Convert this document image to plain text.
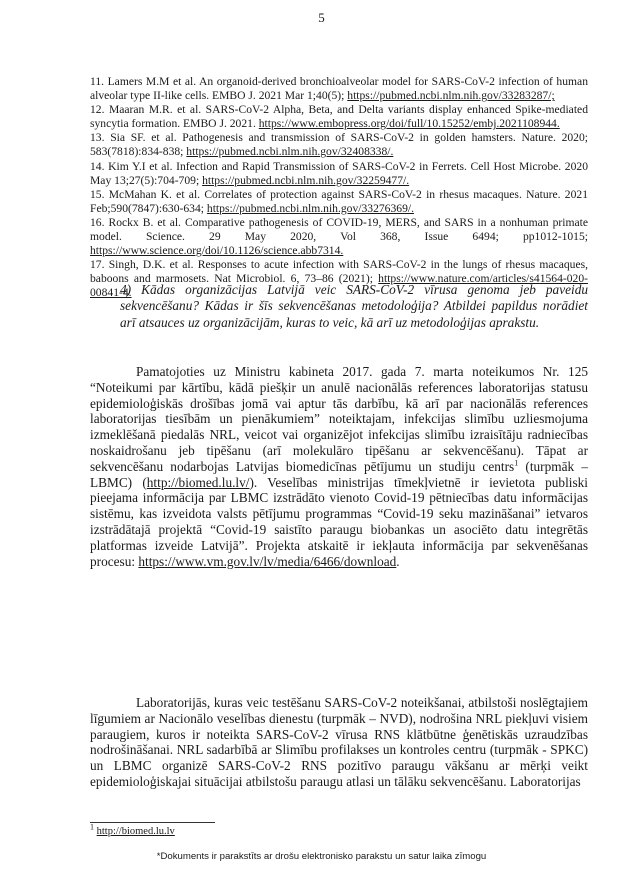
5

11. Lamers M.M et al. An organoid-derived bronchioalveolar model for SARS-CoV-2 infection of human alveolar type II-like cells. EMBO J. 2021 Mar 1;40(5); https://pubmed.ncbi.nlm.nih.gov/33283287/;

12. Maaran M.R. et al. SARS-CoV-2 Alpha, Beta, and Delta variants display enhanced Spike-mediated syncytia formation. EMBO J. 2021. https://www.embopress.org/doi/full/10.15252/embj.2021108944.

13. Sia SF. et al. Pathogenesis and transmission of SARS-CoV-2 in golden hamsters. Nature. 2020; 583(7818):834-838; https://pubmed.ncbi.nlm.nih.gov/32408338/.

14. Kim Y.I et al. Infection and Rapid Transmission of SARS-CoV-2 in Ferrets. Cell Host Microbe. 2020 May 13;27(5):704-709; https://pubmed.ncbi.nlm.nih.gov/32259477/.

15. McMahan K. et al. Correlates of protection against SARS-CoV-2 in rhesus macaques. Nature. 2021 Feb;590(7847):630-634; https://pubmed.ncbi.nlm.nih.gov/33276369/.

16. Rockx B. et al. Comparative pathogenesis of COVID-19, MERS, and SARS in a nonhuman primate model. Science. 29 May 2020, Vol 368, Issue 6494; pp1012-1015; https://www.science.org/doi/10.1126/science.abb7314.

17. Singh, D.K. et al. Responses to acute infection with SARS-CoV-2 in the lungs of rhesus macaques, baboons and marmosets. Nat Microbiol. 6, 73–86 (2021); https://www.nature.com/articles/s41564-020-00841-4.

4) Kādas organizācijas Latvijā veic SARS-CoV-2 vīrusa genoma jeb paveidu sekvencēšanu? Kādas ir šīs sekvencēšanas metodoloģija? Atbildei papildus norādiet arī atsauces uz organizācijām, kuras to veic, kā arī uz metodoloģijas aprakstu.

Pamatojoties uz Ministru kabineta 2017. gada 7. marta noteikumos Nr. 125 “Noteikumi par kārtību, kādā piešķir un anulē nacionālās references laboratorijas statusu epidemioloģiskās drošības jomā vai aptur tās darbību, kā arī par nacionālās references laboratorijas tiesībām un pienākumiem” noteiktajam, infekcijas slimību uzliesmojuma izmeklēšanā piedalās NRL, veicot vai organizējot infekcijas slimību izraisītāju radniecības noskaidrošanu jeb tipēšanu (arī molekulāro tipēšanu ar sekvencēšanu). Tāpat ar sekvencēšanu nodarbojas Latvijas biomedicīnas pētījumu un studiju centrs$^1$ (turpmāk – LBMC) (http://biomed.lu.lv/). Veselības ministrijas tīmekļvietnē ir ievietota publiski pieejama informācija par LBMC izstrādāto vienoto Covid-19 pētniecības datu informācijas sistēmu, kas izveidota valsts pētījumu programmas “Covid-19 seku mazināšanai” ietvaros izstrādātajā projektā “Covid-19 saistīto paraugu biobankas un asociēto datu integrētās platformas izveide Latvijā”. Projekta atskaitē ir iekļauta informācija par sekvenēšanas procesu: https://www.vm.gov.lv/lv/media/6466/download.

Laboratorijās, kuras veic testēšanu SARS-CoV-2 noteikšanai, atbilstoši noslēgtajiem līgumiem ar Nacionālo veselības dienestu (turpmāk – NVD), nodrošina NRL piekļuvi visiem paraugiem, kuros ir noteikta SARS-CoV-2 vīrusa RNS klātbūtne ģenētiskās uzraudzības nodrošināšanai. NRL sadarbībā ar Slimību profilakses un kontroles centru (turpmāk - SPKC) un LBMC organizē SARS-CoV-2 RNS pozitīvo paraugu vākšanu ar mērķi veikt epidemioloģiskajai situācijai atbilstošu paraugu atlasi un tālāku sekvencēšanu. Laboratorijas

$^1$ http://biomed.lu.lv
*Dokuments ir parakstīts ar drošu elektronisko parakstu un satur laika zīmogu
